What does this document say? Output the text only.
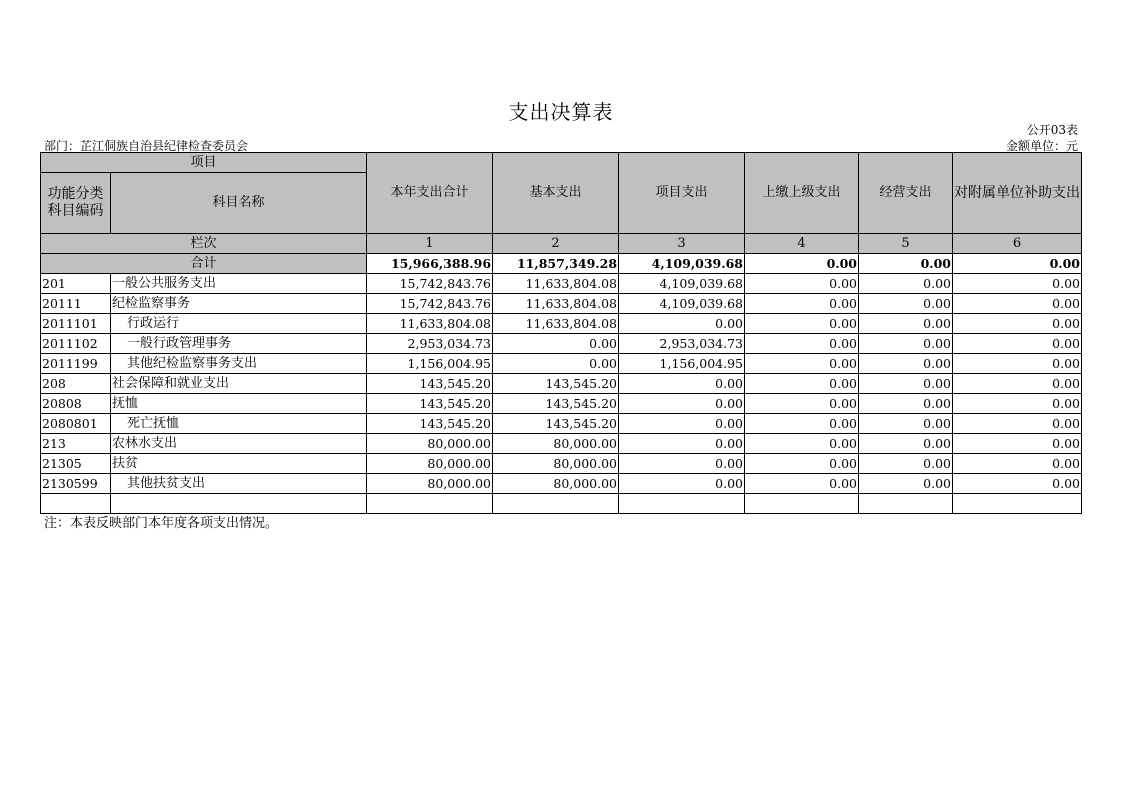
支出决算表
公开03表
部门：芷江侗族自治县纪律检查委员会	金额单位：元
项目		本年支出合计	基本支出	项目支出	上缴上级支出	经营支出	对附属单位补助支出
功能分类科目编码	科目名称						
栏次		1	2	3	4	5	6
合计		15,966,388.96	11,857,349.28	4,109,039.68	0.00	0.00	0.00
201	一般公共服务支出	15,742,843.76	11,633,804.08	4,109,039.68	0.00	0.00	0.00
20111	纪检监察事务	15,742,843.76	11,633,804.08	4,109,039.68	0.00	0.00	0.00
2011101	行政运行	11,633,804.08	11,633,804.08	0.00	0.00	0.00	0.00
2011102	一般行政管理事务	2,953,034.73	0.00	2,953,034.73	0.00	0.00	0.00
2011199	其他纪检监察事务支出	1,156,004.95	0.00	1,156,004.95	0.00	0.00	0.00
208	社会保障和就业支出	143,545.20	143,545.20	0.00	0.00	0.00	0.00
20808	抚恤	143,545.20	143,545.20	0.00	0.00	0.00	0.00
2080801	死亡抚恤	143,545.20	143,545.20	0.00	0.00	0.00	0.00
213	农林水支出	80,000.00	80,000.00	0.00	0.00	0.00	0.00
21305	扶贫	80,000.00	80,000.00	0.00	0.00	0.00	0.00
2130599	其他扶贫支出	80,000.00	80,000.00	0.00	0.00	0.00	0.00

注：本表反映部门本年度各项支出情况。
